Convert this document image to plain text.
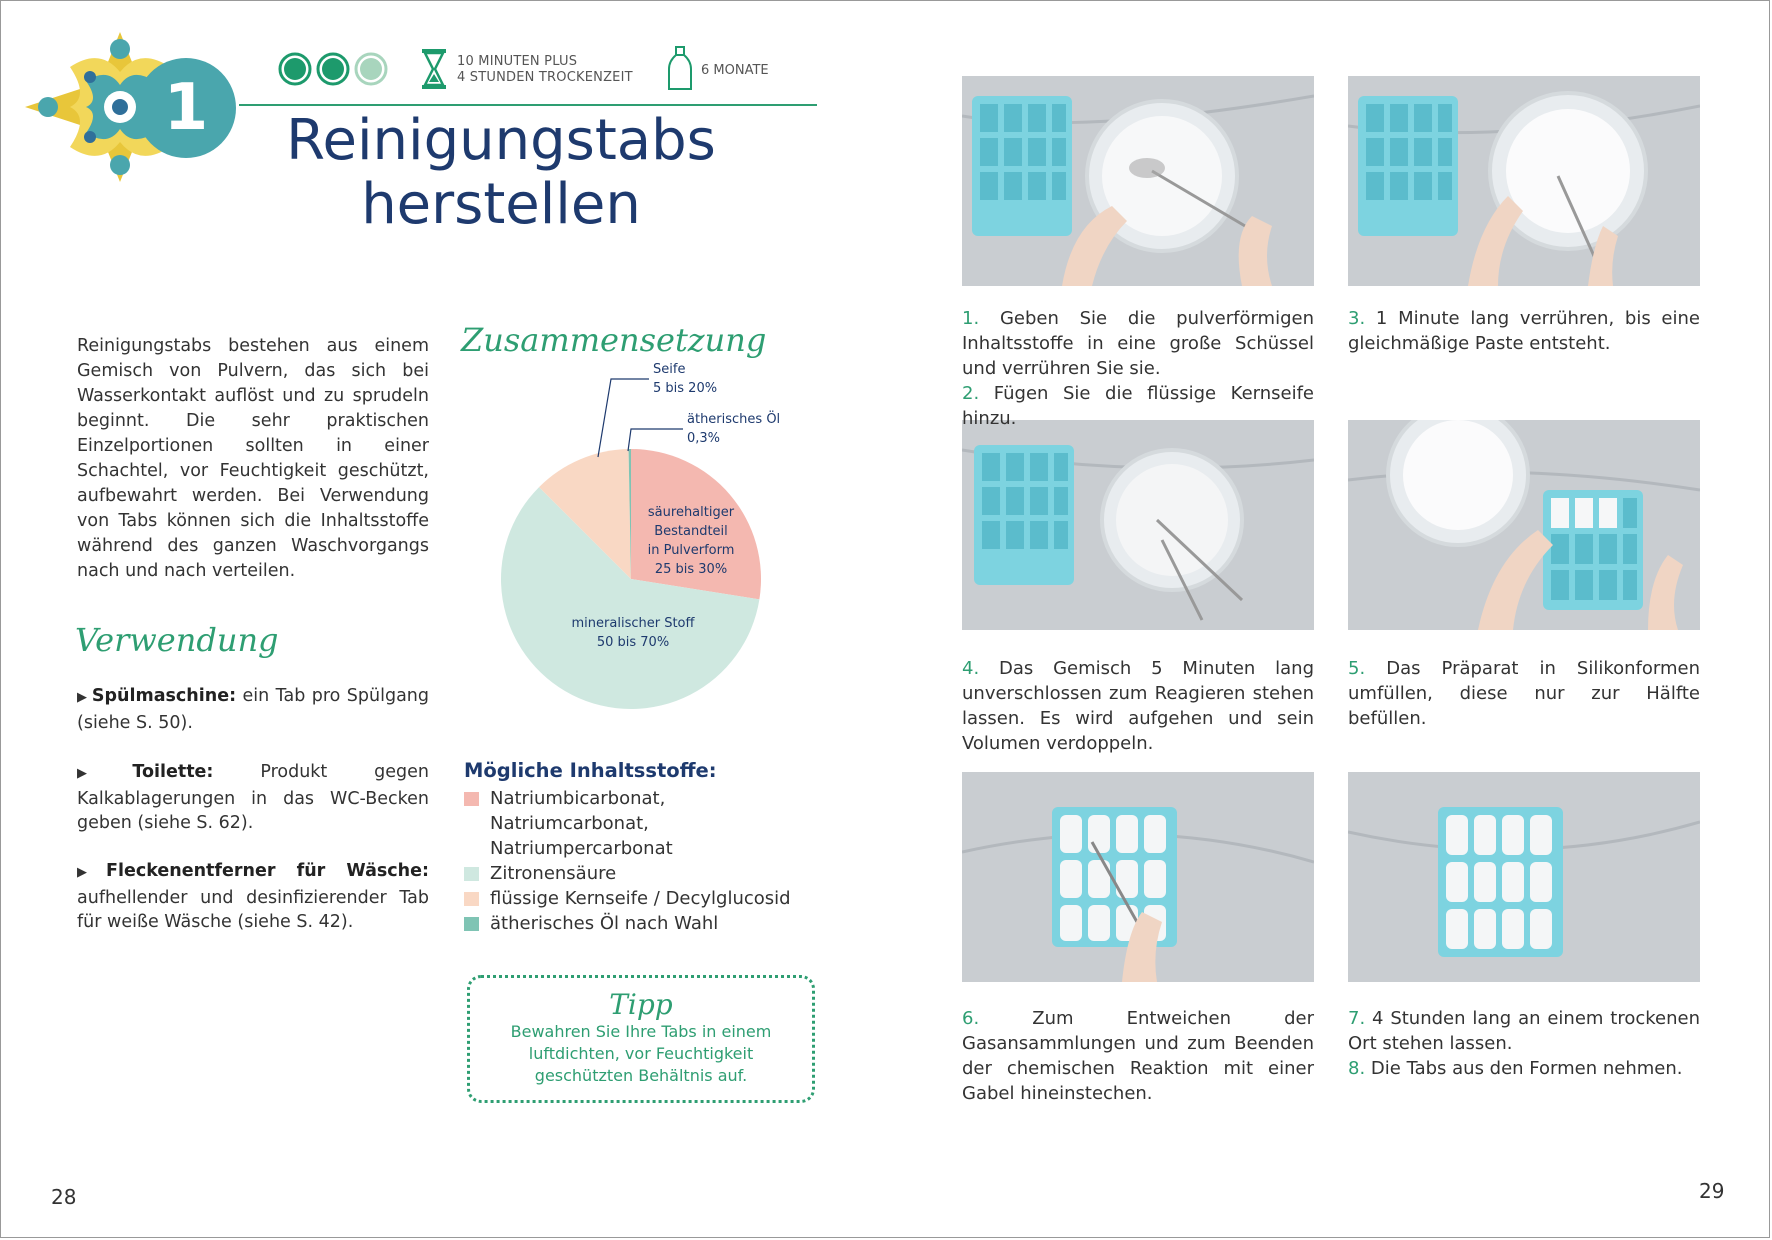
1
10 MINUTEN PLUS
4 STUNDEN TROCKENZEIT	6 MONATE
Reinigungstabs
herstellen

Reinigungstabs bestehen aus einem Gemisch von Pulvern, das sich bei Wasserkontakt auflöst und zu sprudeln beginnt. Die sehr praktischen Einzelportionen sollten in einer Schachtel, vor Feuchtigkeit geschützt, aufbewahrt werden. Bei Verwendung von Tabs können sich die Inhaltsstoffe während des ganzen Waschvorgangs nach und nach verteilen.

Verwendung

▶ Spülmaschine: ein Tab pro Spülgang (siehe S. 50).

▶ Toilette: Produkt gegen Kalkablagerungen in das WC-Becken geben (siehe S. 62).

▶ Fleckenentferner für Wäsche: aufhellender und desinfizierender Tab für weiße Wäsche (siehe S. 42).

Zusammensetzung
säurehaltiger Bestandteil in Pulverform 25 bis 30%
mineralischer Stoff 50 bis 70%
Seife 5 bis 20%
ätherisches Öl 0,3%
Mögliche Inhaltsstoffe:
Natriumbicarbonat, Natriumcarbonat, Natriumpercarbonat
Zitronensäure
flüssige Kernseife / Decylglucosid
ätherisches Öl nach Wahl
Tipp
Bewahren Sie Ihre Tabs in einem luftdichten, vor Feuchtigkeit geschützten Behältnis auf.
28	29
1. Geben Sie die pulverförmigen Inhaltsstoffe in eine große Schüssel und verrühren Sie sie.
2. Fügen Sie die flüssige Kernseife hinzu.
3. 1 Minute lang verrühren, bis eine gleichmäßige Paste entsteht.
4. Das Gemisch 5 Minuten lang unverschlossen zum Reagieren stehen lassen. Es wird aufgehen und sein Volumen verdoppeln.
5. Das Präparat in Silikonformen umfüllen, diese nur zur Hälfte befüllen.
6. Zum Entweichen der Gasansammlungen und zum Beenden der chemischen Reaktion mit einer Gabel hineinstechen.
7. 4 Stunden lang an einem trockenen Ort stehen lassen.
8. Die Tabs aus den Formen nehmen.
